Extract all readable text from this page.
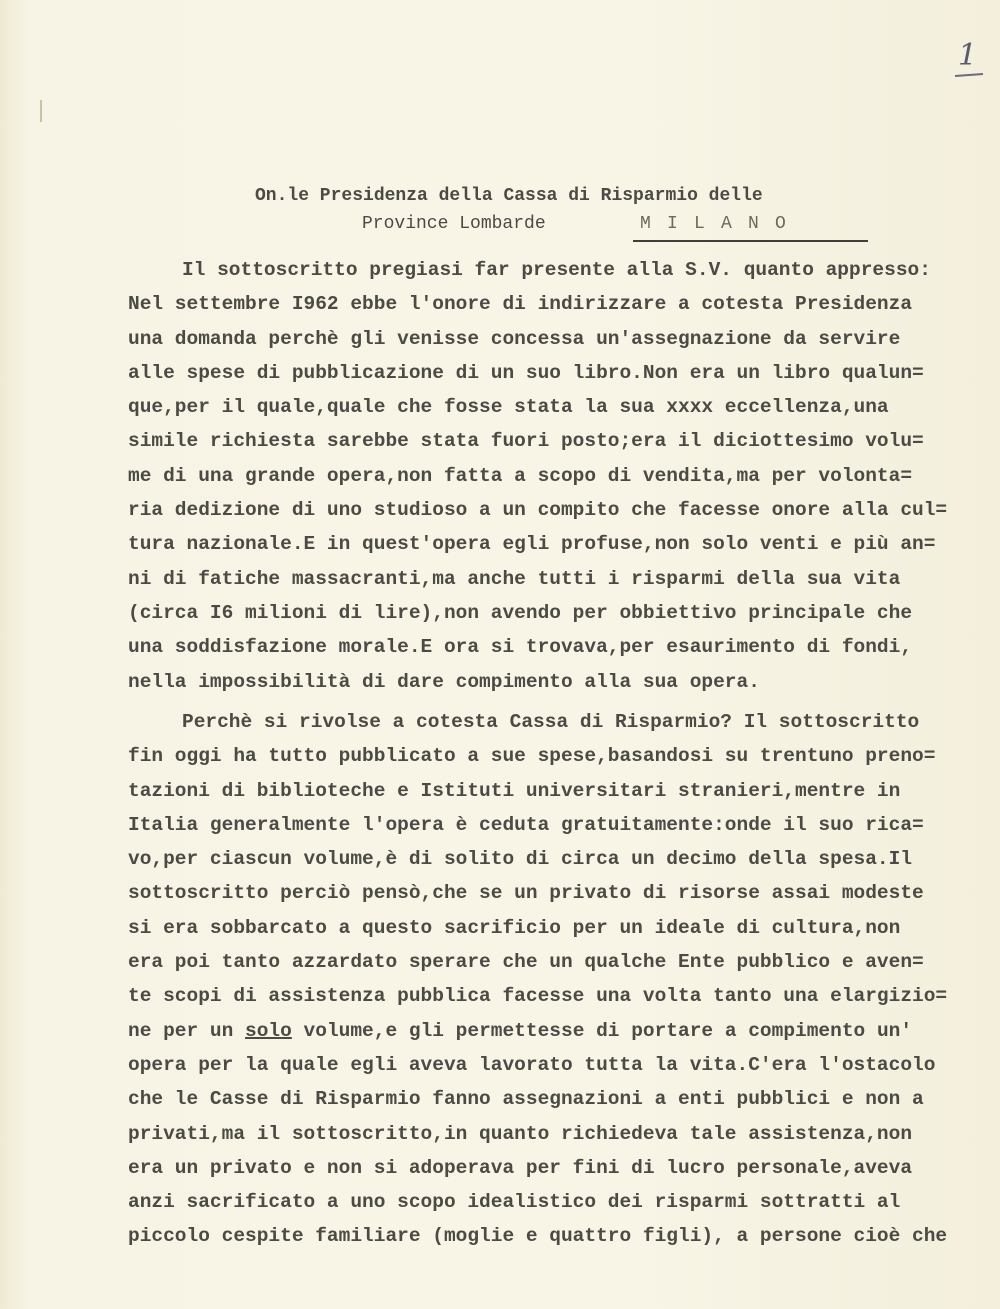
1
On.le Presidenza della Cassa di Risparmio delle
Province Lombarde	MILANO
Il sottoscritto pregiasi far presente alla S.V. quanto appresso:
Nel settembre I962 ebbe l'onore di indirizzare a cotesta Presidenza
una domanda perchè gli venisse concessa un'assegnazione da servire
alle spese di pubblicazione di un suo libro.Non era un libro qualun=
que,per il quale,quale che fosse stata la sua xxxx eccellenza,una
simile richiesta sarebbe stata fuori posto;era il diciottesimo volu=
me di una grande opera,non fatta a scopo di vendita,ma per volonta=
ria dedizione di uno studioso a un compito che facesse onore alla cul=
tura nazionale.E in quest'opera egli profuse,non solo venti e più an=
ni di fatiche massacranti,ma anche tutti i risparmi della sua vita
(circa I6 milioni di lire),non avendo per obbiettivo principale che
una soddisfazione morale.E ora si trovava,per esaurimento di fondi,
nella impossibilità di dare compimento alla sua opera.
Perchè si rivolse a cotesta Cassa di Risparmio? Il sottoscritto
fin oggi ha tutto pubblicato a sue spese,basandosi su trentuno preno=
tazioni di biblioteche e Istituti universitari stranieri,mentre in
Italia generalmente l'opera è ceduta gratuitamente:onde il suo rica=
vo,per ciascun volume,è di solito di circa un decimo della spesa.Il
sottoscritto perciò pensò,che se un privato di risorse assai modeste
si era sobbarcato a questo sacrificio per un ideale di cultura,non
era poi tanto azzardato sperare che un qualche Ente pubblico e aven=
te scopi di assistenza pubblica facesse una volta tanto una elargizio=
ne per un solo volume,e gli permettesse di portare a compimento un'
opera per la quale egli aveva lavorato tutta la vita.C'era l'ostacolo
che le Casse di Risparmio fanno assegnazioni a enti pubblici e non a
privati,ma il sottoscritto,in quanto richiedeva tale assistenza,non
era un privato e non si adoperava per fini di lucro personale,aveva
anzi sacrificato a uno scopo idealistico dei risparmi sottratti al
piccolo cespite familiare (moglie e quattro figli), a persone cioè che
